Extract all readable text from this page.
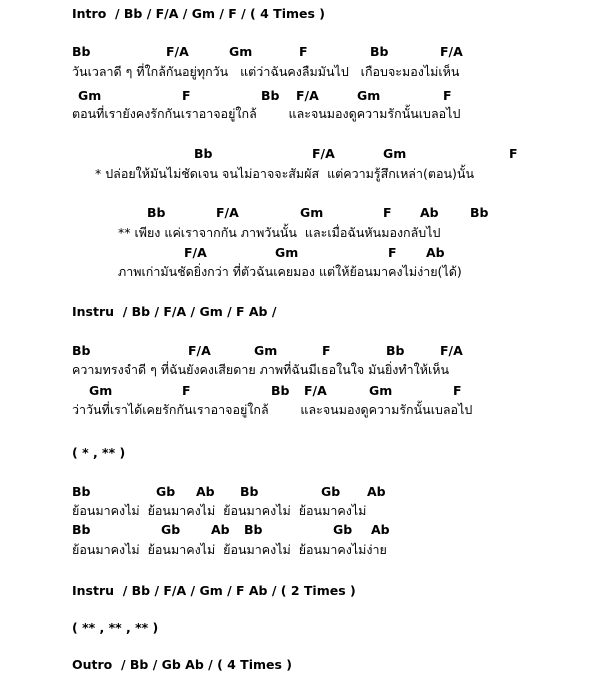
Intro  / Bb / F/A / Gm / F / ( 4 Times )
Bb	F/A	Gm	F	Bb	F/A
วันเวลาดี ๆ ที่ใกล้กันอยู่ทุกวัน   แต่ว่าฉันคงลืมมันไป   เกือบจะมองไม่เห็น
Gm	F	Bb F/A	Gm	F
ตอนที่เรายังคงรักกันเราอาจอยู่ใกล้        และจนมองดูความรักนั้นเบลอไป
Bb	F/A	Gm	F
* ปล่อยให้มันไม่ชัดเจน จนไม่อาจจะสัมผัส  แต่ความรู้สึกเหล่า(ตอน)นั้น
Bb	F/A	Gm	F Ab	Bb
** เพียง แค่เราจากกัน ภาพวันนั้น  และเมื่อฉันหันมองกลับไป
F/A	Gm	F Ab
ภาพเก่ามันชัดยิ่งกว่า ที่ตัวฉันเคยมอง แต่ให้ย้อนมาคงไม่ง่าย(ได้)
Instru  / Bb / F/A / Gm / F Ab /
Bb	F/A	Gm	F	Bb	F/A
ความทรงจำดี ๆ ที่ฉันยังคงเสียดาย ภาพที่ฉันมีเธอในใจ มันยิ่งทำให้เห็น
Gm	F	Bb F/A	Gm	F
ว่าวันที่เราได้เคยรักกันเราอาจอยู่ใกล้        และจนมองดูความรักนั้นเบลอไป
( * , ** )
Bb	Gb Ab Bb	Gb Ab
ย้อนมาคงไม่  ย้อนมาคงไม่  ย้อนมาคงไม่  ย้อนมาคงไม่
Bb	Gb Ab Bb	Gb Ab
ย้อนมาคงไม่  ย้อนมาคงไม่  ย้อนมาคงไม่  ย้อนมาคงไม่ง่าย
Instru  / Bb / F/A / Gm / F Ab / ( 2 Times )
( ** , ** , ** )
Outro  / Bb / Gb Ab / ( 4 Times )
